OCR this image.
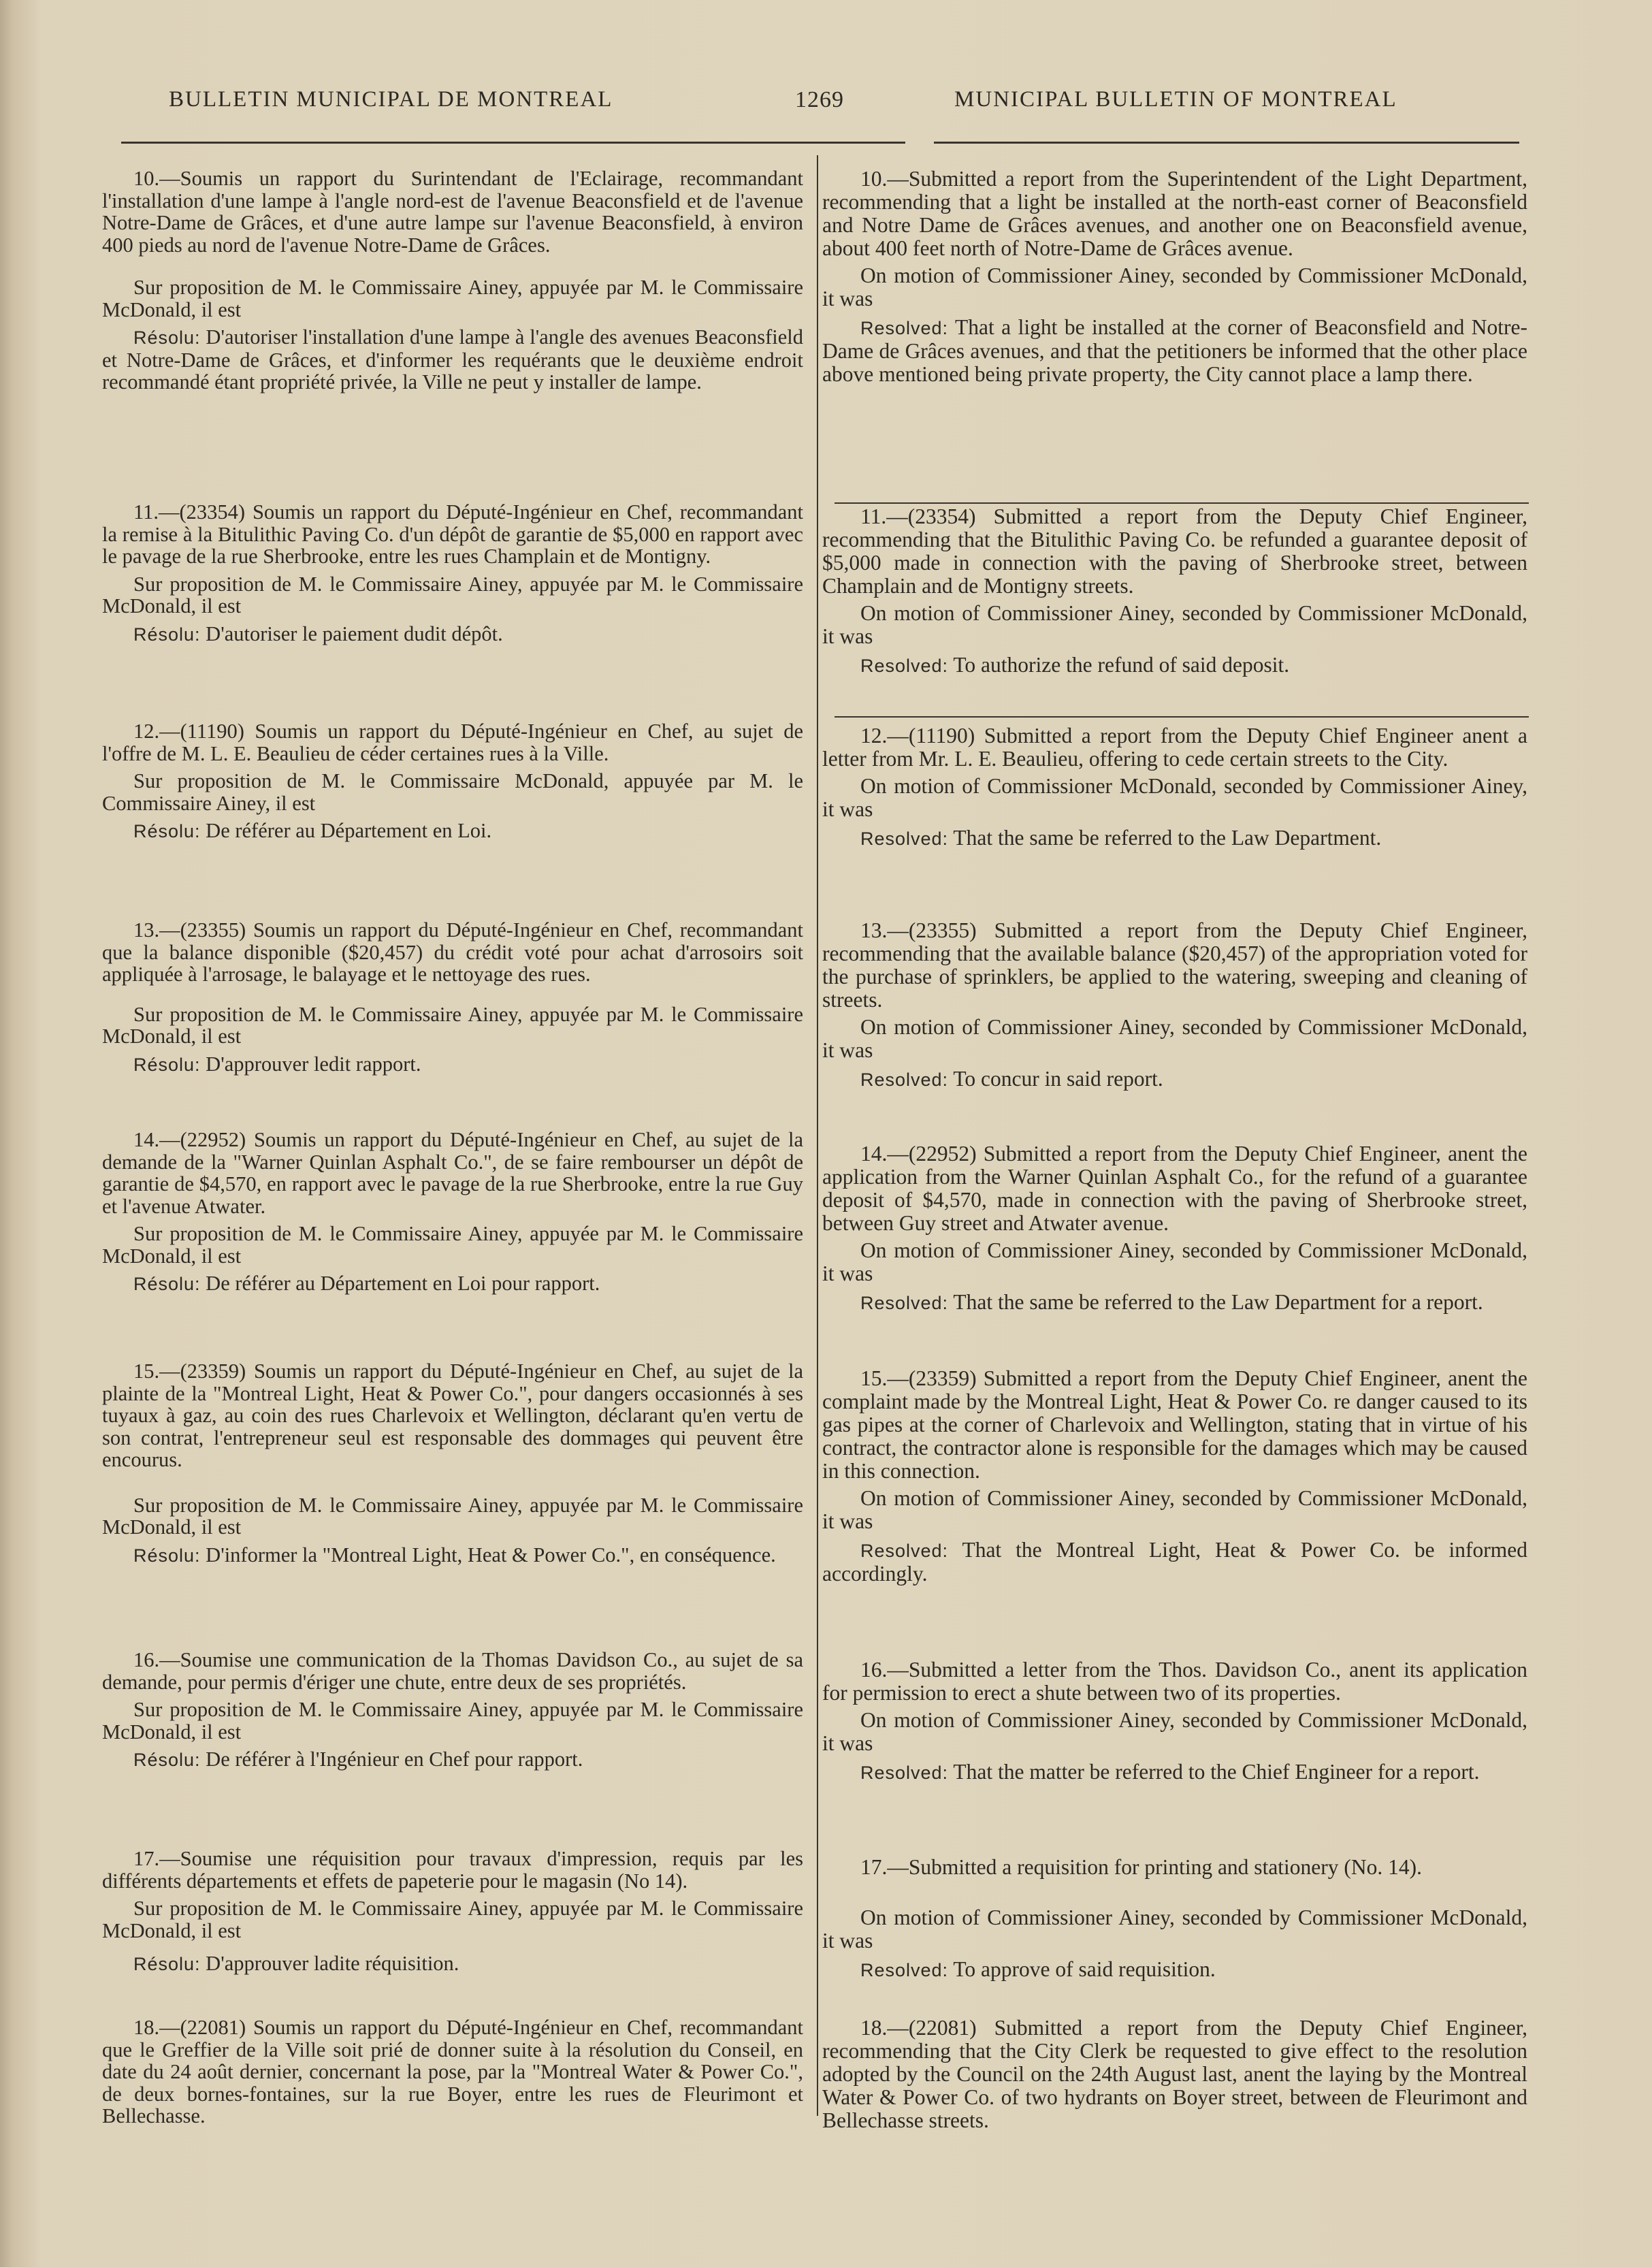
BULLETIN MUNICIPAL DE MONTREAL	1269	MUNICIPAL BULLETIN OF MONTREAL

10.—Soumis un rapport du Surintendant de l'Eclairage, recommandant l'installation d'une lampe à l'angle nord-est de l'avenue Beaconsfield et de l'avenue Notre-Dame de Grâces, et d'une autre lampe sur l'avenue Beaconsfield, à environ 400 pieds au nord de l'avenue Notre-Dame de Grâces.

Sur proposition de M. le Commissaire Ainey, appuyée par M. le Commissaire McDonald, il est

Résolu: D'autoriser l'installation d'une lampe à l'angle des avenues Beaconsfield et Notre-Dame de Grâces, et d'informer les requérants que le deuxième endroit recommandé étant propriété privée, la Ville ne peut y installer de lampe.

11.—(23354) Soumis un rapport du Député-Ingénieur en Chef, recommandant la remise à la Bitulithic Paving Co. d'un dépôt de garantie de $5,000 en rapport avec le pavage de la rue Sherbrooke, entre les rues Champlain et de Montigny.

Sur proposition de M. le Commissaire Ainey, appuyée par M. le Commissaire McDonald, il est

Résolu: D'autoriser le paiement dudit dépôt.

12.—(11190) Soumis un rapport du Député-Ingénieur en Chef, au sujet de l'offre de M. L. E. Beaulieu de céder certaines rues à la Ville.

Sur proposition de M. le Commissaire McDonald, appuyée par M. le Commissaire Ainey, il est

Résolu: De référer au Département en Loi.

13.—(23355) Soumis un rapport du Député-Ingénieur en Chef, recommandant que la balance disponible ($20,457) du crédit voté pour achat d'arrosoirs soit appliquée à l'arrosage, le balayage et le nettoyage des rues.

Sur proposition de M. le Commissaire Ainey, appuyée par M. le Commissaire McDonald, il est

Résolu: D'approuver ledit rapport.

14.—(22952) Soumis un rapport du Député-Ingénieur en Chef, au sujet de la demande de la "Warner Quinlan Asphalt Co.", de se faire rembourser un dépôt de garantie de $4,570, en rapport avec le pavage de la rue Sherbrooke, entre la rue Guy et l'avenue Atwater.

Sur proposition de M. le Commissaire Ainey, appuyée par M. le Commissaire McDonald, il est

Résolu: De référer au Département en Loi pour rapport.

15.—(23359) Soumis un rapport du Député-Ingénieur en Chef, au sujet de la plainte de la "Montreal Light, Heat & Power Co.", pour dangers occasionnés à ses tuyaux à gaz, au coin des rues Charlevoix et Wellington, déclarant qu'en vertu de son contrat, l'entrepreneur seul est responsable des dommages qui peuvent être encourus.

Sur proposition de M. le Commissaire Ainey, appuyée par M. le Commissaire McDonald, il est

Résolu: D'informer la "Montreal Light, Heat & Power Co.", en conséquence.

16.—Soumise une communication de la Thomas Davidson Co., au sujet de sa demande, pour permis d'ériger une chute, entre deux de ses propriétés.

Sur proposition de M. le Commissaire Ainey, appuyée par M. le Commissaire McDonald, il est

Résolu: De référer à l'Ingénieur en Chef pour rapport.

17.—Soumise une réquisition pour travaux d'impression, requis par les différents départements et effets de papeterie pour le magasin (No 14).

Sur proposition de M. le Commissaire Ainey, appuyée par M. le Commissaire McDonald, il est

Résolu: D'approuver ladite réquisition.

18.—(22081) Soumis un rapport du Député-Ingénieur en Chef, recommandant que le Greffier de la Ville soit prié de donner suite à la résolution du Conseil, en date du 24 août dernier, concernant la pose, par la "Montreal Water & Power Co.", de deux bornes-fontaines, sur la rue Boyer, entre les rues de Fleurimont et Bellechasse.

10.—Submitted a report from the Superintendent of the Light Department, recommending that a light be installed at the north-east corner of Beaconsfield and Notre Dame de Grâces avenues, and another one on Beaconsfield avenue, about 400 feet north of Notre-Dame de Grâces avenue.

On motion of Commissioner Ainey, seconded by Commissioner McDonald, it was

Resolved: That a light be installed at the corner of Beaconsfield and Notre-Dame de Grâces avenues, and that the petitioners be informed that the other place above mentioned being private property, the City cannot place a lamp there.

11.—(23354) Submitted a report from the Deputy Chief Engineer, recommending that the Bitulithic Paving Co. be refunded a guarantee deposit of $5,000 made in connection with the paving of Sherbrooke street, between Champlain and de Montigny streets.

On motion of Commissioner Ainey, seconded by Commissioner McDonald, it was

Resolved: To authorize the refund of said deposit.

12.—(11190) Submitted a report from the Deputy Chief Engineer anent a letter from Mr. L. E. Beaulieu, offering to cede certain streets to the City.

On motion of Commissioner McDonald, seconded by Commissioner Ainey, it was

Resolved: That the same be referred to the Law Department.

13.—(23355) Submitted a report from the Deputy Chief Engineer, recommending that the available balance ($20,457) of the appropriation voted for the purchase of sprinklers, be applied to the watering, sweeping and cleaning of streets.

On motion of Commissioner Ainey, seconded by Commissioner McDonald, it was

Resolved: To concur in said report.

14.—(22952) Submitted a report from the Deputy Chief Engineer, anent the application from the Warner Quinlan Asphalt Co., for the refund of a guarantee deposit of $4,570, made in connection with the paving of Sherbrooke street, between Guy street and Atwater avenue.

On motion of Commissioner Ainey, seconded by Commissioner McDonald, it was

Resolved: That the same be referred to the Law Department for a report.

15.—(23359) Submitted a report from the Deputy Chief Engineer, anent the complaint made by the Montreal Light, Heat & Power Co. re danger caused to its gas pipes at the corner of Charlevoix and Wellington, stating that in virtue of his contract, the contractor alone is responsible for the damages which may be caused in this connection.

On motion of Commissioner Ainey, seconded by Commissioner McDonald, it was

Resolved: That the Montreal Light, Heat & Power Co. be informed accordingly.

16.—Submitted a letter from the Thos. Davidson Co., anent its application for permission to erect a shute between two of its properties.

On motion of Commissioner Ainey, seconded by Commissioner McDonald, it was

Resolved: That the matter be referred to the Chief Engineer for a report.

17.—Submitted a requisition for printing and stationery (No. 14).

On motion of Commissioner Ainey, seconded by Commissioner McDonald, it was

Resolved: To approve of said requisition.

18.—(22081) Submitted a report from the Deputy Chief Engineer, recommending that the City Clerk be requested to give effect to the resolution adopted by the Council on the 24th August last, anent the laying by the Montreal Water & Power Co. of two hydrants on Boyer street, between de Fleurimont and Bellechasse streets.
